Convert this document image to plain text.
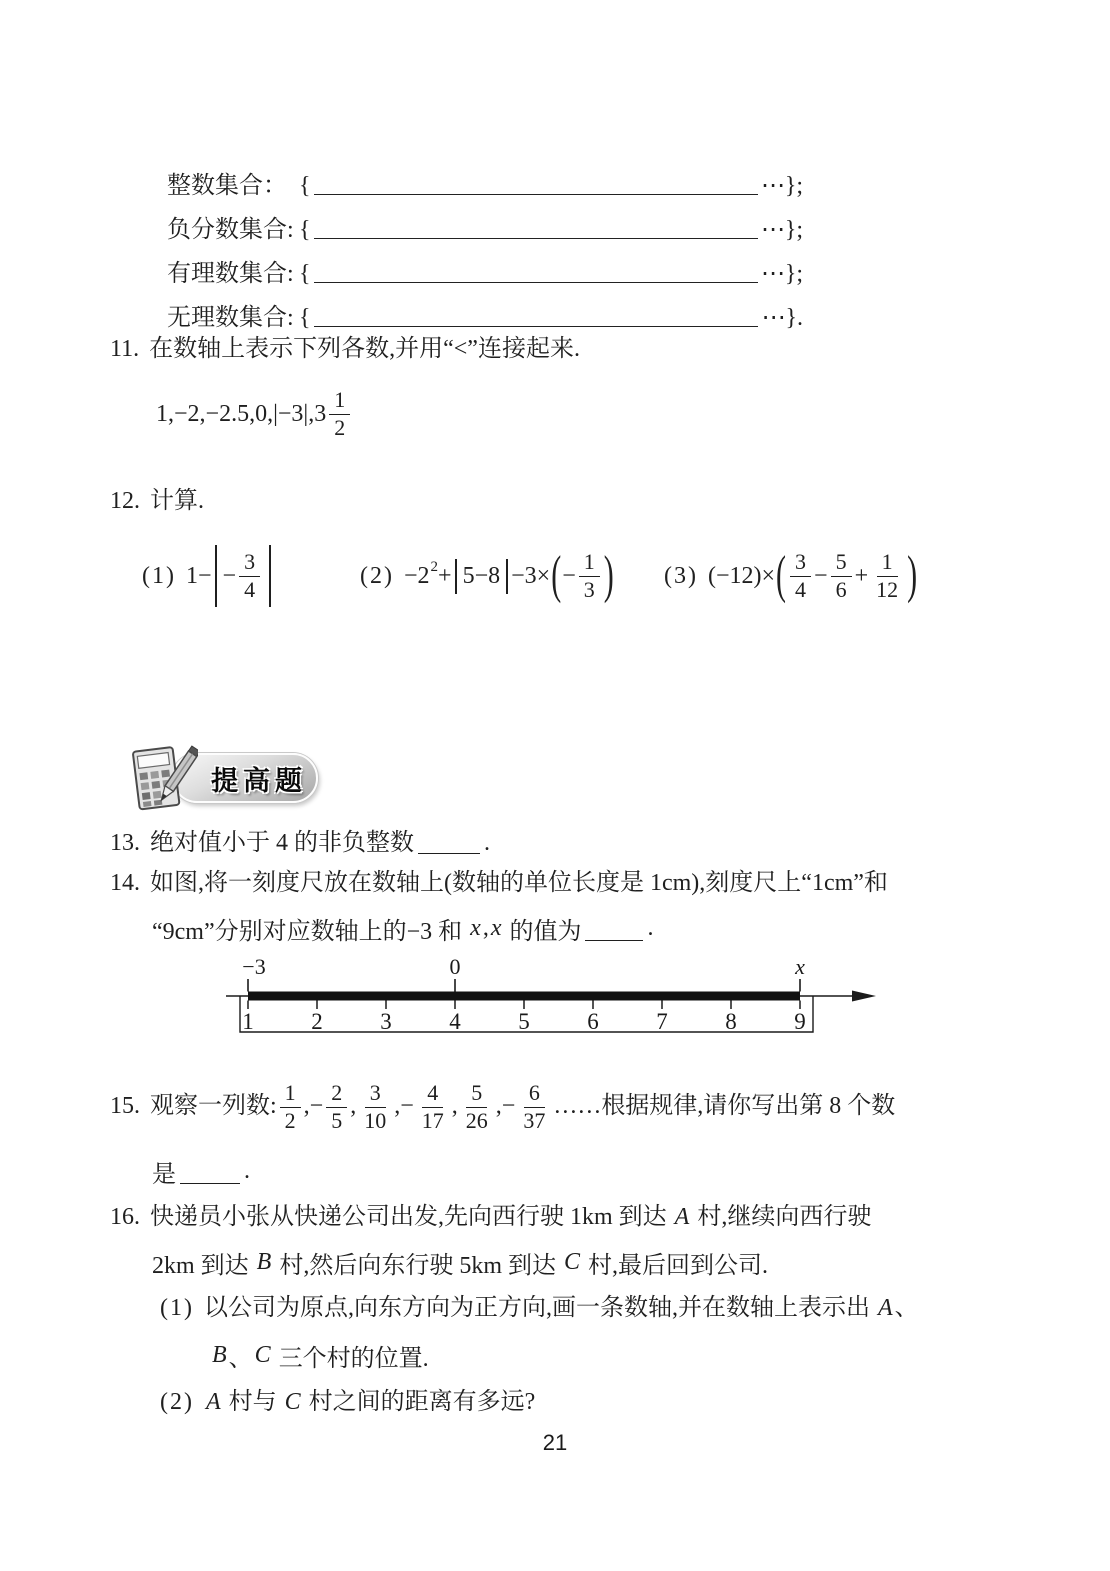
整数集合： {	⋯};
负分数集合: {	⋯};
有理数集合: {	⋯};
无理数集合: {	⋯}.
11. 在数轴上表示下列各数,并用“<”连接起来.
$1,-2,-2.5,0,|-3|,3 \frac{1}{2}$
12. 计算.
(1) $1- - \frac{3}{4}$	(2) −2 2 + 5−8 −3× ( − $\frac{1}{3}$ ) (3) (−12)× ( $\frac{3}{4} - \frac{5}{6} + \frac{1}{12}$ )
提高题
13. 绝对值小于 4 的非负整数	.
14. 如图,将一刻度尺放在数轴上(数轴的单位长度是 1cm),刻度尺上“1cm”和
“9cm”分别对应数轴上的−3 和 x , x 的值为	.
−3	0	x
1	2	3	4	5	6	7	8	9
15. 观察一列数: $\frac{1}{2}$ ,− $\frac{2}{5}$ , $\frac{3}{10}$ ,− $\frac{4}{17}$ , $\frac{5}{26}$ ,− $\frac{6}{37}$ ……根据规律,请你写出第 8 个数
是	.
16. 快递员小张从快递公司出发,先向西行驶 1km 到达 A 村,继续向西行驶
2km 到达 B 村,然后向东行驶 5km 到达 C 村,最后回到公司.
(1) 以公司为原点,向东方向为正方向,画一条数轴,并在数轴上表示出 A 、
B 、 C 三个村的位置.
(2) A 村与 C 村之间的距离有多远?
21
